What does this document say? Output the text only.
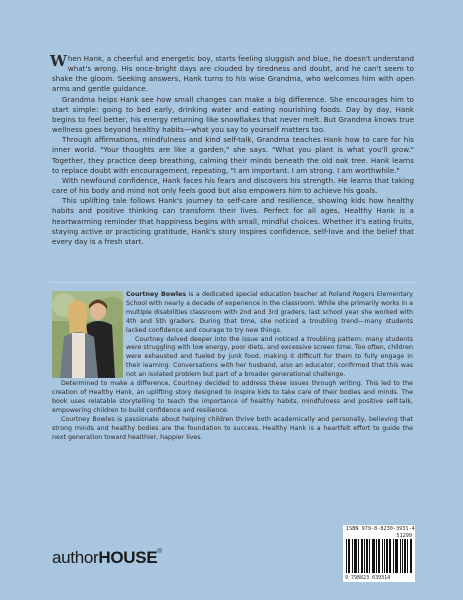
When Hank, a cheerful and energetic boy, starts feeling sluggish and blue, he doesn't understand what's wrong. His once-bright days are clouded by tiredness and doubt, and he can't seem to shake the gloom. Seeking answers, Hank turns to his wise Grandma, who welcomes him with open arms and gentle guidance.

Grandma helps Hank see how small changes can make a big difference. She encourages him to start simple: going to bed early, drinking water and eating nourishing foods. Day by day, Hank begins to feel better, his energy returning like snowflakes that never melt. But Grandma knows true wellness goes beyond healthy habits—what you say to yourself matters too.

Through affirmations, mindfulness and kind self-talk, Grandma teaches Hank how to care for his inner world. "Your thoughts are like a garden," she says. "What you plant is what you'll grow." Together, they practice deep breathing, calming their minds beneath the old oak tree. Hank learns to replace doubt with encouragement, repeating, "I am important. I am strong. I am worthwhile."

With newfound confidence, Hank faces his fears and discovers his strength. He learns that taking care of his body and mind not only feels good but also empowers him to achieve his goals.

This uplifting tale follows Hank's journey to self-care and resilience, showing kids how healthy habits and positive thinking can transform their lives. Perfect for all ages, Healthy Hank is a heartwarming reminder that happiness begins with small, mindful choices. Whether it's eating fruits, staying active or practicing gratitude, Hank's story inspires confidence, self-love and the belief that every day is a fresh start.

Courtney Bowles is a dedicated special education teacher at Roland Rogers Elementary School with nearly a decade of experience in the classroom. While she primarily works in a multiple disabilities classroom with 2nd and 3rd graders, last school year she worked with 4th and 5th graders. During that time, she noticed a troubling trend—many students lacked confidence and courage to try new things.

Courtney delved deeper into the issue and noticed a troubling pattern: many students were struggling with low energy, poor diets, and excessive screen time. Too often, children were exhausted and fueled by junk food, making it difficult for them to fully engage in their learning. Conversations with her husband, also an educator, confirmed that this was not an isolated problem but part of a broader generational challenge.

Determined to make a difference, Courtney decided to address these issues through writing. This led to the creation of Healthy Hank, an uplifting story designed to inspire kids to take care of their bodies and minds. The book uses relatable storytelling to teach the importance of healthy habits, mindfulness and positive self-talk, empowering children to build confidence and resilience.

Courtney Bowles is passionate about helping children thrive both academically and personally, believing that strong minds and healthy bodies are the foundation to success. Healthy Hank is a heartfelt effort to guide the next generation toward healthier, happier lives.

ISBN 979-8-8230-3931-4
51299
9 798823 039314
authorHOUSE®
